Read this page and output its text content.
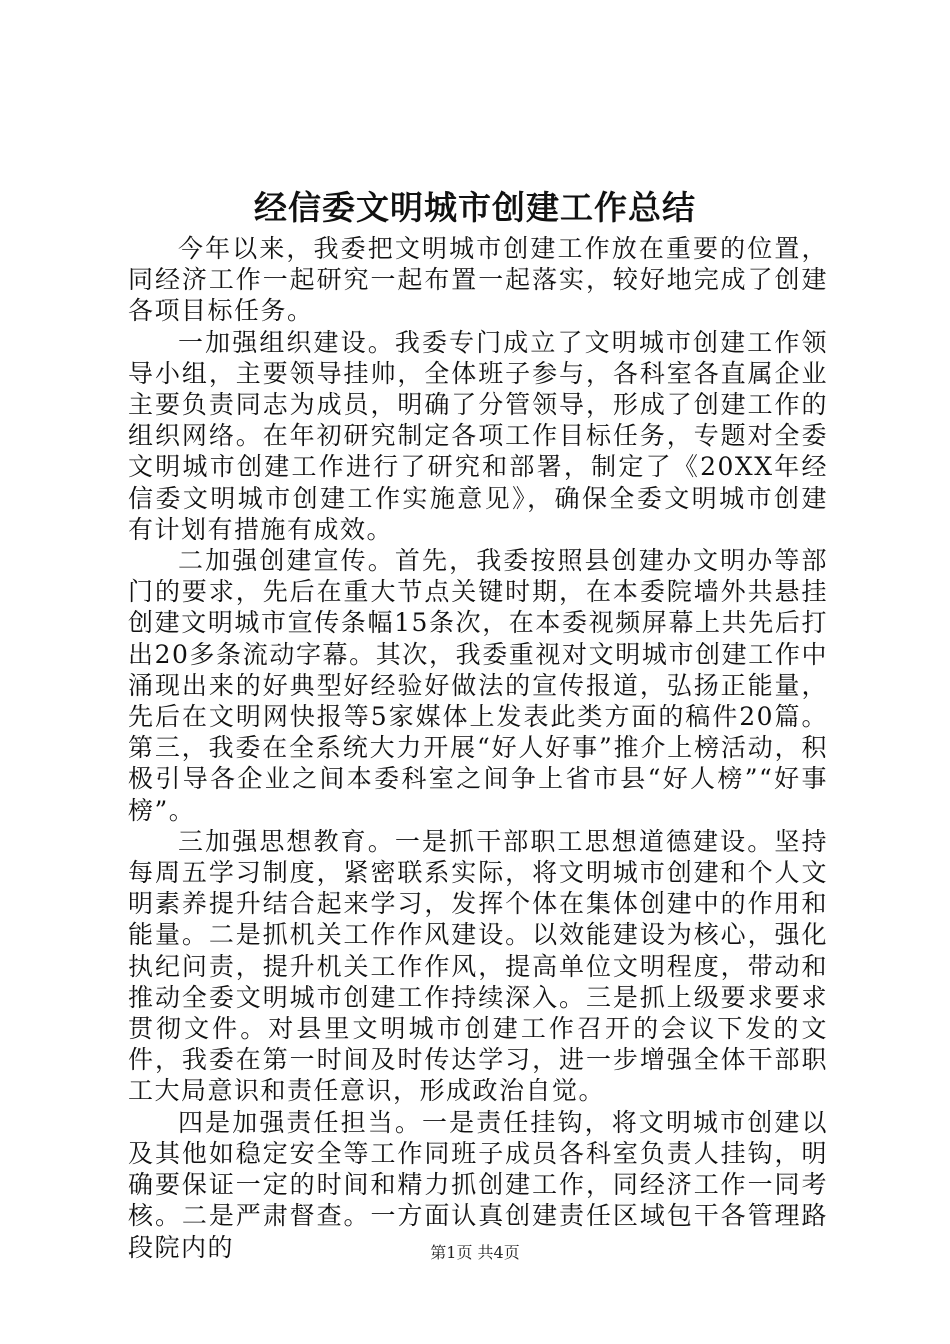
经信委文明城市创建工作总结

今年以来，我委把文明城市创建工作放在重要的位置，同经济工作一起研究一起布置一起落实，较好地完成了创建各项目标任务。

一加强组织建设。我委专门成立了文明城市创建工作领导小组，主要领导挂帅，全体班子参与，各科室各直属企业主要负责同志为成员，明确了分管领导，形成了创建工作的组织网络。在年初研究制定各项工作目标任务，专题对全委文明城市创建工作进行了研究和部署，制定了《20XX年经信委文明城市创建工作实施意见》，确保全委文明城市创建有计划有措施有成效。

二加强创建宣传。首先，我委按照县创建办文明办等部门的要求，先后在重大节点关键时期，在本委院墙外共悬挂创建文明城市宣传条幅15条次，在本委视频屏幕上共先后打出20多条流动字幕。其次，我委重视对文明城市创建工作中涌现出来的好典型好经验好做法的宣传报道，弘扬正能量，先后在文明网快报等5家媒体上发表此类方面的稿件20篇。第三，我委在全系统大力开展“好人好事”推介上榜活动，积极引导各企业之间本委科室之间争上省市县“好人榜”“好事榜”。

三加强思想教育。一是抓干部职工思想道德建设。坚持每周五学习制度，紧密联系实际，将文明城市创建和个人文明素养提升结合起来学习，发挥个体在集体创建中的作用和能量。二是抓机关工作作风建设。以效能建设为核心，强化执纪问责，提升机关工作作风，提高单位文明程度，带动和推动全委文明城市创建工作持续深入。三是抓上级要求要求贯彻文件。对县里文明城市创建工作召开的会议下发的文件，我委在第一时间及时传达学习，进一步增强全体干部职工大局意识和责任意识，形成政治自觉。

四是加强责任担当。一是责任挂钩，将文明城市创建以及其他如稳定安全等工作同班子成员各科室负责人挂钩，明确要保证一定的时间和精力抓创建工作，同经济工作一同考核。二是严肃督查。一方面认真创建责任区域包干各管理路段院内的	第1页 共4页
